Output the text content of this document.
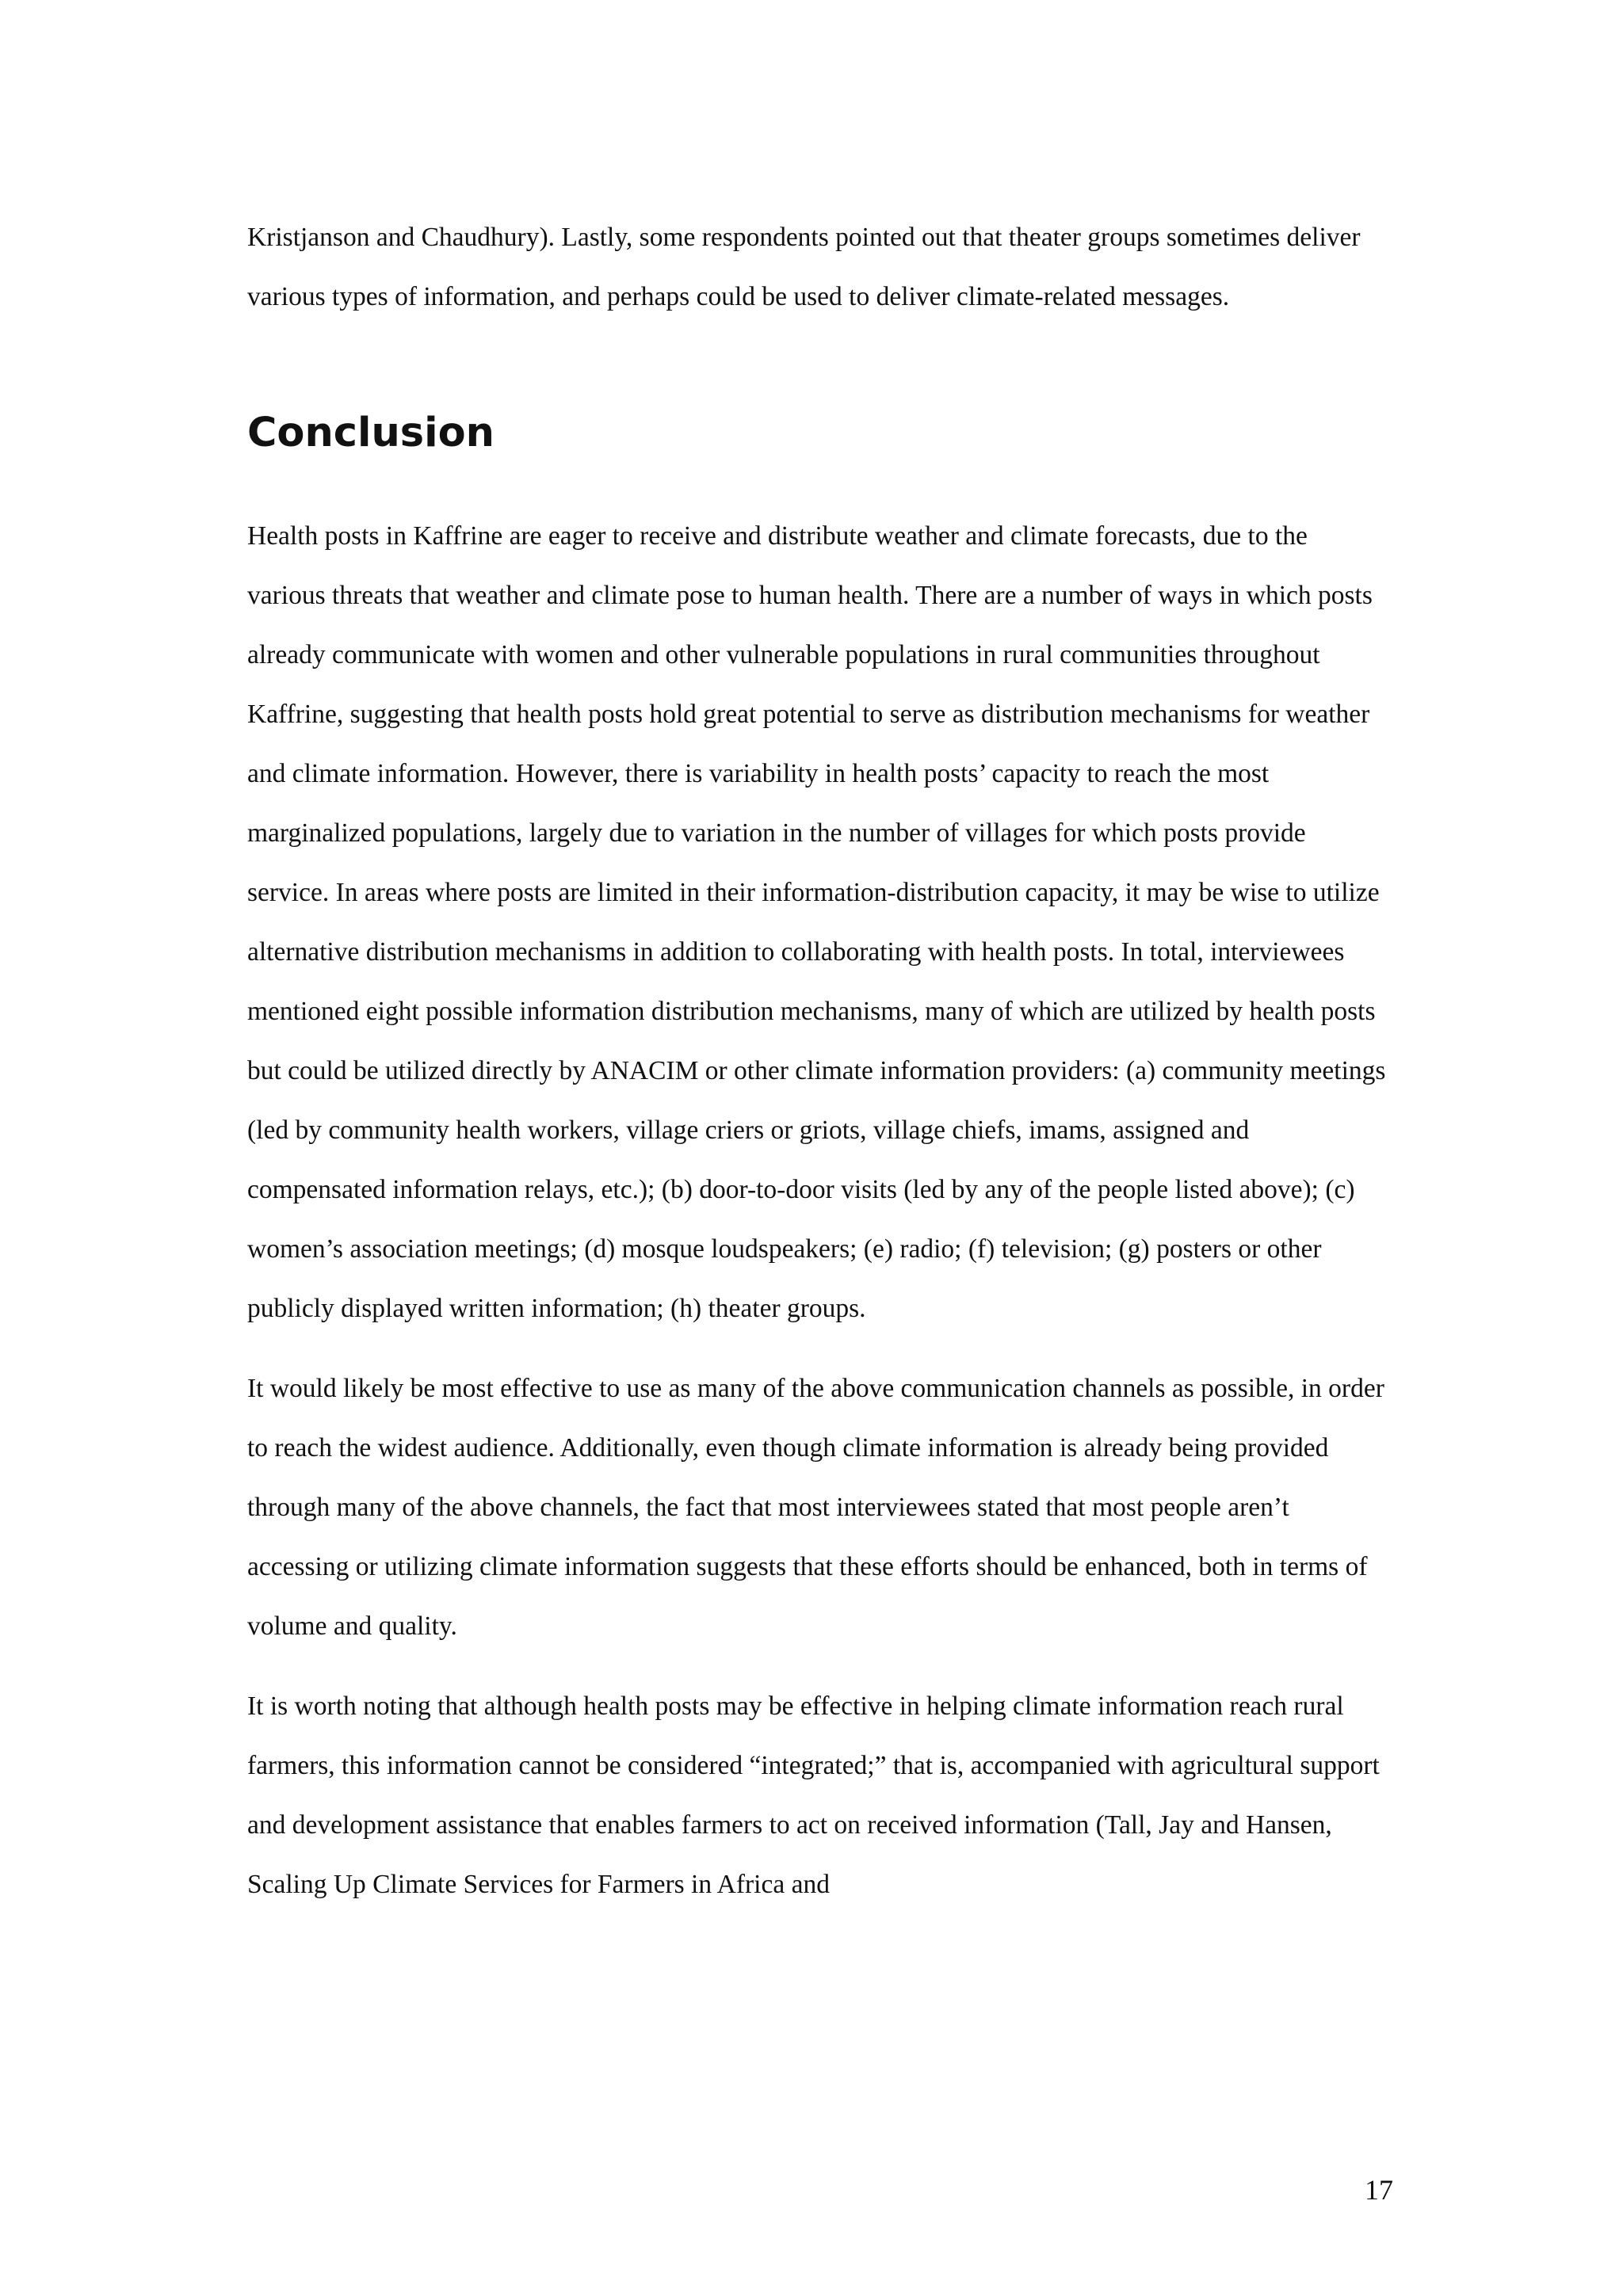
Kristjanson and Chaudhury). Lastly, some respondents pointed out that theater groups sometimes deliver various types of information, and perhaps could be used to deliver climate-related messages.

Conclusion

Health posts in Kaffrine are eager to receive and distribute weather and climate forecasts, due to the various threats that weather and climate pose to human health. There are a number of ways in which posts already communicate with women and other vulnerable populations in rural communities throughout Kaffrine, suggesting that health posts hold great potential to serve as distribution mechanisms for weather and climate information. However, there is variability in health posts’ capacity to reach the most marginalized populations, largely due to variation in the number of villages for which posts provide service. In areas where posts are limited in their information-distribution capacity, it may be wise to utilize alternative distribution mechanisms in addition to collaborating with health posts. In total, interviewees mentioned eight possible information distribution mechanisms, many of which are utilized by health posts but could be utilized directly by ANACIM or other climate information providers: (a) community meetings (led by community health workers, village criers or griots, village chiefs, imams, assigned and compensated information relays, etc.); (b) door-to-door visits (led by any of the people listed above); (c) women’s association meetings; (d) mosque loudspeakers; (e) radio; (f) television; (g) posters or other publicly displayed written information; (h) theater groups.

It would likely be most effective to use as many of the above communication channels as possible, in order to reach the widest audience. Additionally, even though climate information is already being provided through many of the above channels, the fact that most interviewees stated that most people aren’t accessing or utilizing climate information suggests that these efforts should be enhanced, both in terms of volume and quality.

It is worth noting that although health posts may be effective in helping climate information reach rural farmers, this information cannot be considered “integrated;” that is, accompanied with agricultural support and development assistance that enables farmers to act on received information (Tall, Jay and Hansen, Scaling Up Climate Services for Farmers in Africa and

17
